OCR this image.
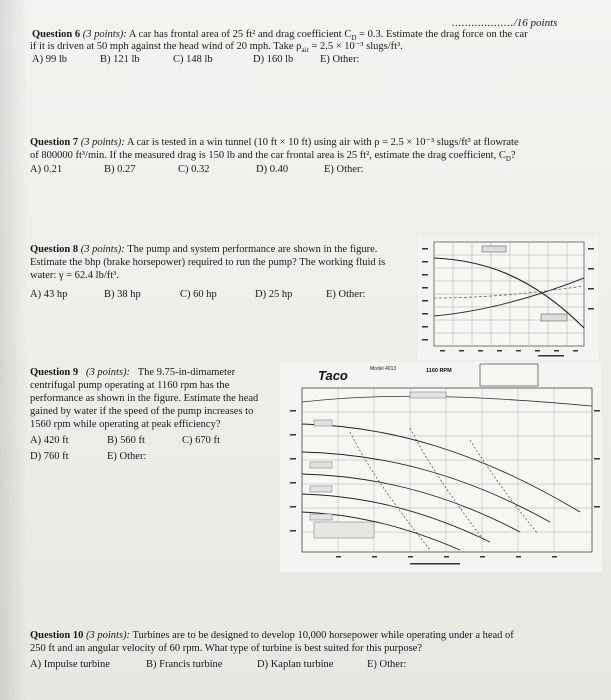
.................../16 points
Question 6 (3 points): A car has frontal area of 25 ft² and drag coefficient $C_D = 0.3$. Estimate the drag force on the car
if it is driven at 50 mph against the head wind of 20 mph. Take $\rho_{air} = 2.5 \times 10^{-3}$ slugs/ft³.
A) 99 lb	B) 121 lb	C) 148 lb	D) 160 lb	E) Other:
Question 7 (3 points): A car is tested in a win tunnel (10 ft × 10 ft) using air with ρ = 2.5 × 10⁻³ slugs/ft³ at flowrate
of 800000 ft³/min. If the measured drag is 150 lb and the car frontal area is 25 ft², estimate the drag coefficient, $C_D$?
A) 0.21	B) 0.27	C) 0.32	D) 0.40	E) Other:
Question 8 (3 points): The pump and system performance are shown in the figure.
Estimate the bhp (brake horsepower) required to run the pump? The working fluid is
water: γ = 62.4 lb/ft³.
A) 43 hp	B) 38 hp	C) 60 hp	D) 25 hp	E) Other:
Question 9 (3 points): The 9.75-in-dimameter
centrifugal pump operating at 1160 rpm has the
performance as shown in the figure. Estimate the head
gained by water if the speed of the pump increases to
1560 rpm while operating at peak efficiency?
A) 420 ft	B) 560 ft	C) 670 ft
D) 760 ft	E) Other:
Taco	Model 4013	1160 RPM
Question 10 (3 points): Turbines are to be designed to develop 10,000 horsepower while operating under a head of
250 ft and an angular velocity of 60 rpm. What type of turbine is best suited for this purpose?
A) Impulse turbine	B) Francis turbine	D) Kaplan turbine	E) Other:
